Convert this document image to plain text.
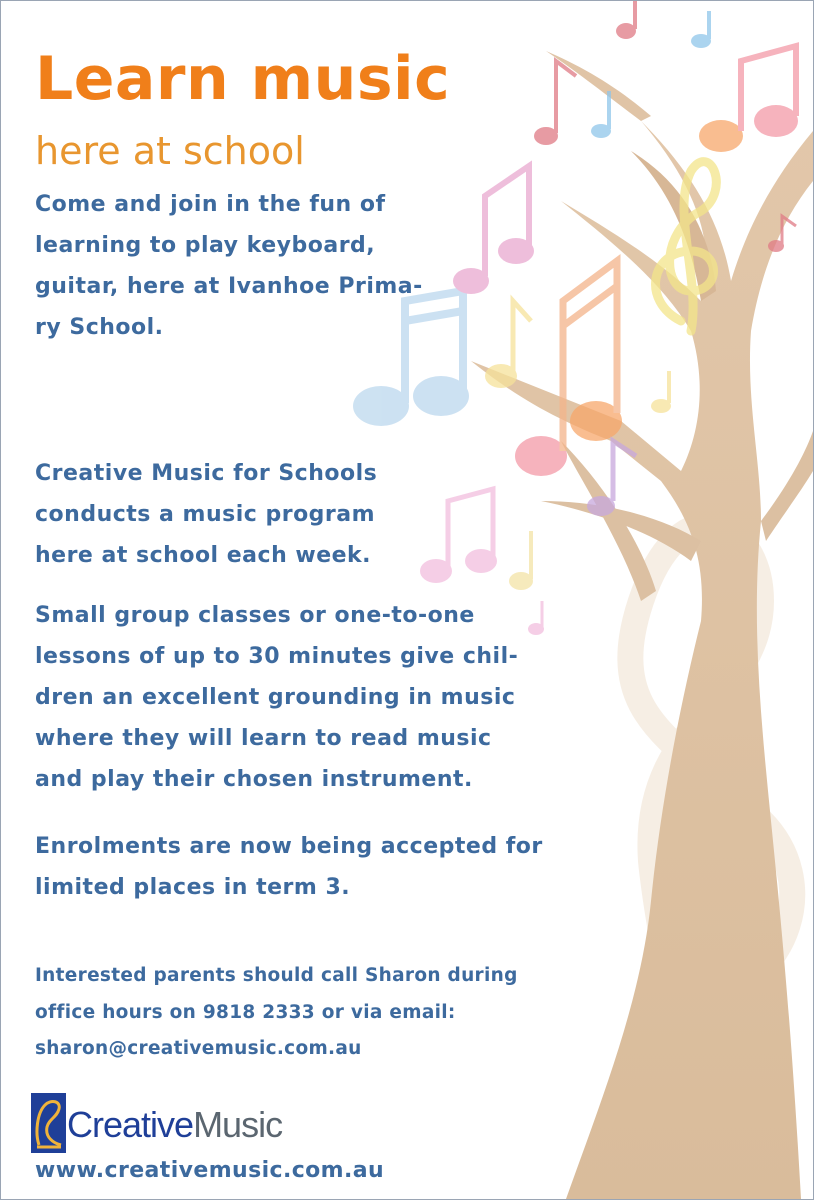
Learn music
here at school
Come and join in the fun of
learning to play keyboard,
guitar, here at Ivanhoe Prima-
ry School.
Creative Music for Schools
conducts a music program
here at school each week.
Small group classes or one-to-one
lessons of up to 30 minutes give chil-
dren an excellent grounding in music
where they will learn to read music
and play their chosen instrument.
Enrolments are now being accepted for
limited places in term 3.
Interested parents should call Sharon during
office hours on 9818 2333 or via email:
sharon@creativemusic.com.au
CreativeMusic
www.creativemusic.com.au
